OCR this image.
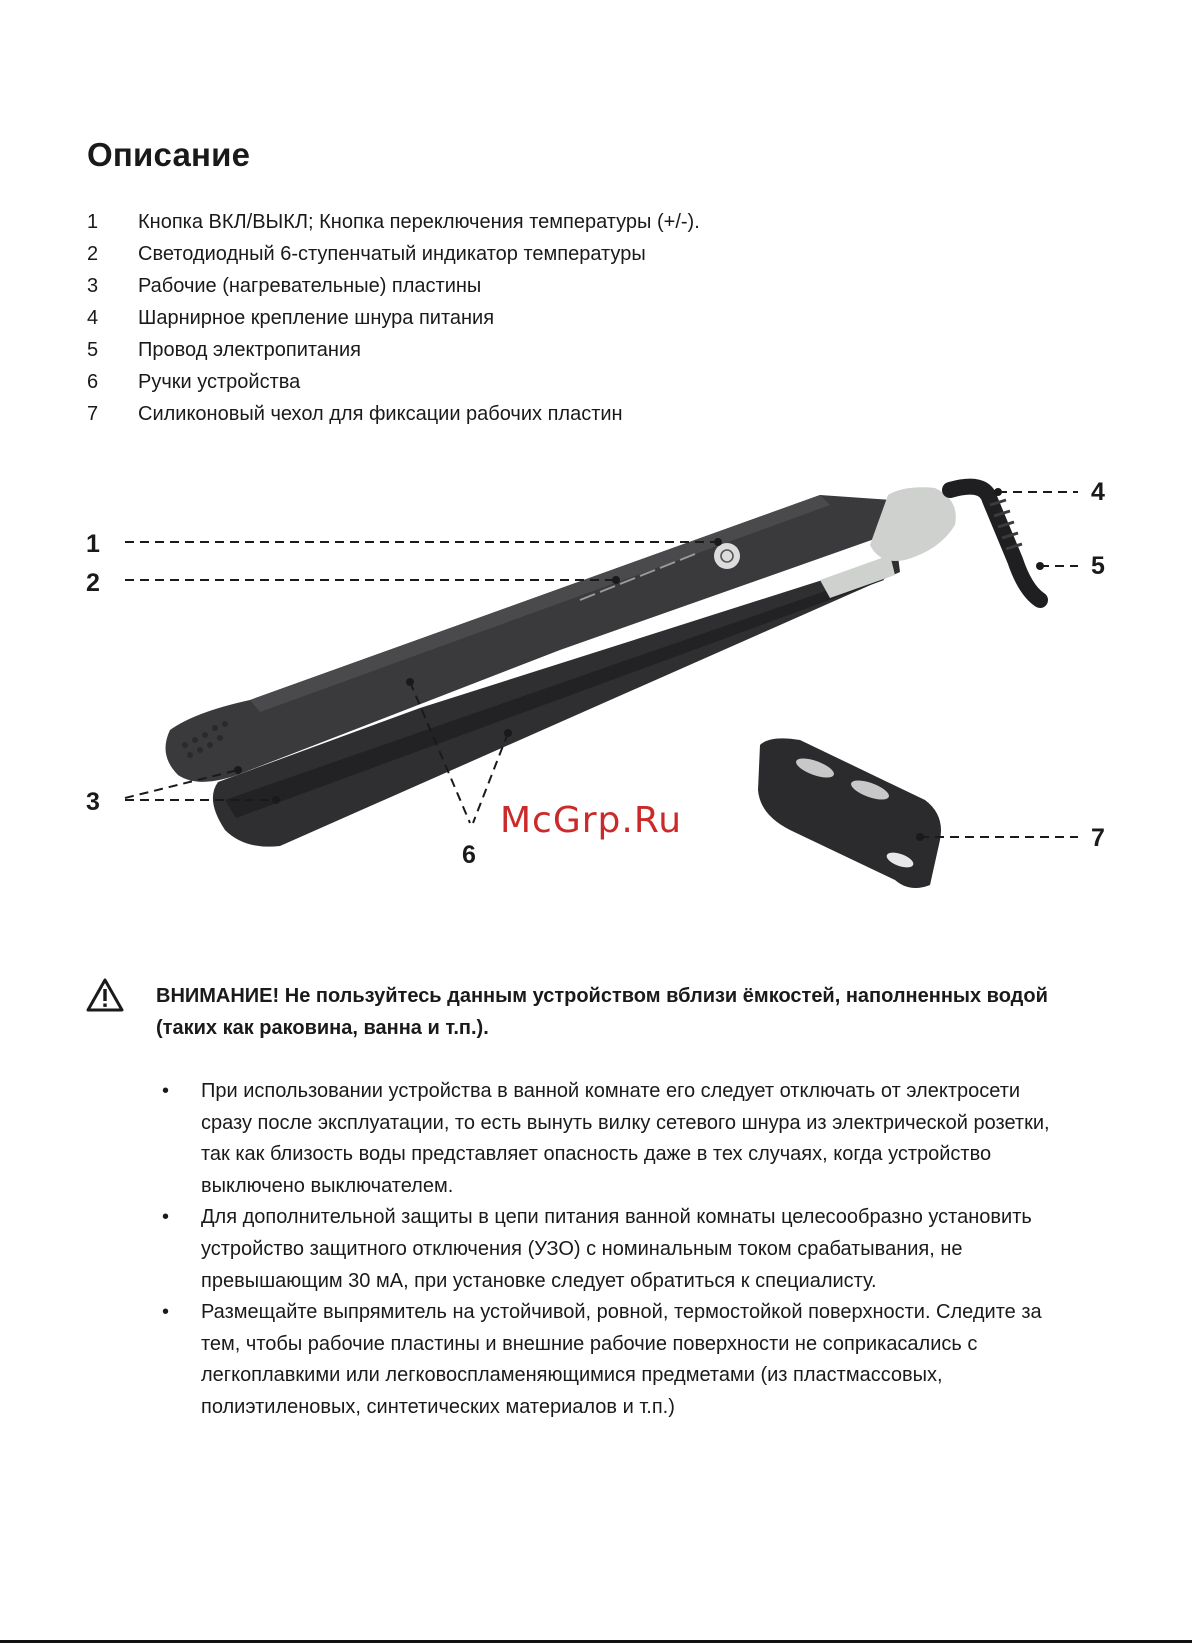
Описание
1	Кнопка ВКЛ/ВЫКЛ; Кнопка переключения температуры (+/-).
2	Светодиодный 6-ступенчатый индикатор температуры
3	Рабочие (нагревательные) пластины
4	Шарнирное крепление шнура питания
5	Провод электропитания
6	Ручки устройства
7	Силиконовый чехол для фиксации рабочих пластин
1
2
3
4
5
6
7
McGrp.Ru

ВНИМАНИЕ! Не пользуйтесь данным устройством вблизи ёмкостей, наполненных водой (таких как раковина, ванна и т.п.).

• При использовании устройства в ванной комнате его следует отключать от электросети сразу после эксплуатации, то есть вынуть вилку сетевого шнура из электрической розетки, так как близость воды представляет опасность даже в тех случаях, когда устройство выключено выключателем.
• Для дополнительной защиты в цепи питания ванной комнаты целесообразно установить устройство защитного отключения (УЗО) с номинальным током срабатывания, не превышающим 30 мА, при установке следует обратиться к специалисту.
• Размещайте выпрямитель на устойчивой, ровной, термостойкой поверхности. Следите за тем, чтобы рабочие пластины и внешние рабочие поверхности не соприкасались с легкоплавкими или легковоспламеняющимися предметами (из пластмассовых, полиэтиленовых, синтетических материалов и т.п.)
